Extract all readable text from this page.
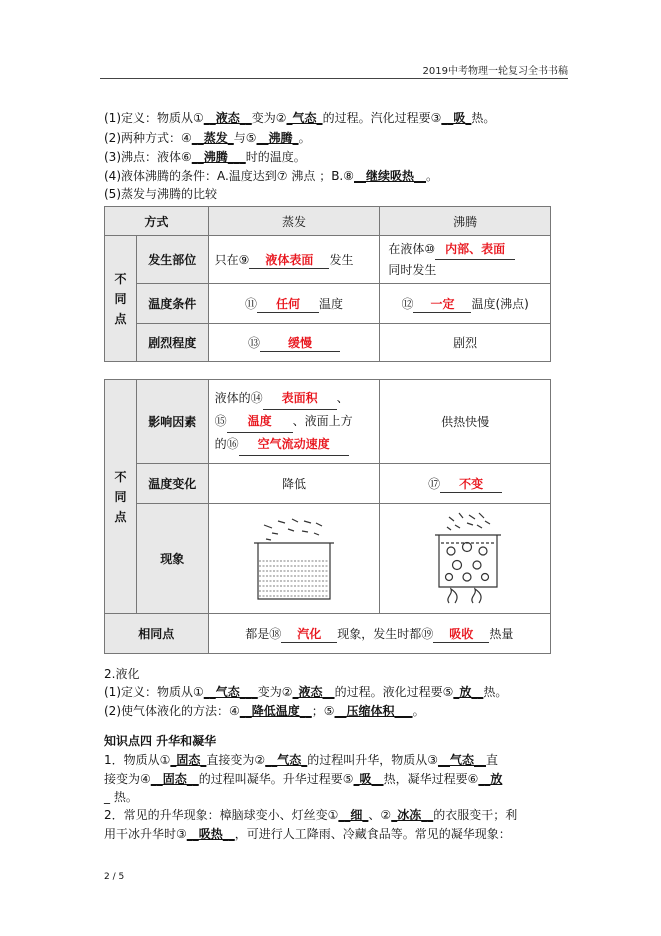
2019中考物理一轮复习全书书稿
(1)定义：物质从①__液态__变为②_气态_的过程。汽化过程要③__吸_热。
(2)两种方式：④__蒸发_与⑤__沸腾_。
(3)沸点：液体⑥__沸腾___时的温度。
(4)液体沸腾的条件：A.温度达到⑦ 沸点 ；B.⑧__继续吸热__。
(5)蒸发与沸腾的比较
方式		蒸发	沸腾
不同点	发生部位	只在⑨ 液体表面 发生	在液体⑩ 内部、表面
同时发生
	温度条件	⑪ 任何 温度	⑫ 一定 温度(沸点)
	剧烈程度	⑬ 缓慢	剧烈
不同点	影响因素	液体的⑭ 表面积 、
⑮ 温度 、液面上方
的⑯ 空气流动速度	供热快慢
	温度变化	降低	⑰ 不变
	现象		
相同点		都是⑱ 汽化 现象，发生时都⑲ 吸收 热量	
2.液化
(1)定义：物质从①__气态___变为②_液态__的过程。液化过程要⑤_放__热。
(2)使气体液化的方法：④__降低温度__；⑤__压缩体积___。
知识点四 升华和凝华
1．物质从①_固态_直接变为②__气态_的过程叫升华，物质从③__气态__直
接变为④__固态__的过程叫凝华。升华过程要⑤_吸__热，凝华过程要⑥__放
_ 热。
2．常见的升华现象：樟脑球变小、灯丝变①__细_、②_冰冻__的衣服变干；利
用干冰升华时③__吸热__，可进行人工降雨、冷藏食品等。常见的凝华现象：
2 / 5
